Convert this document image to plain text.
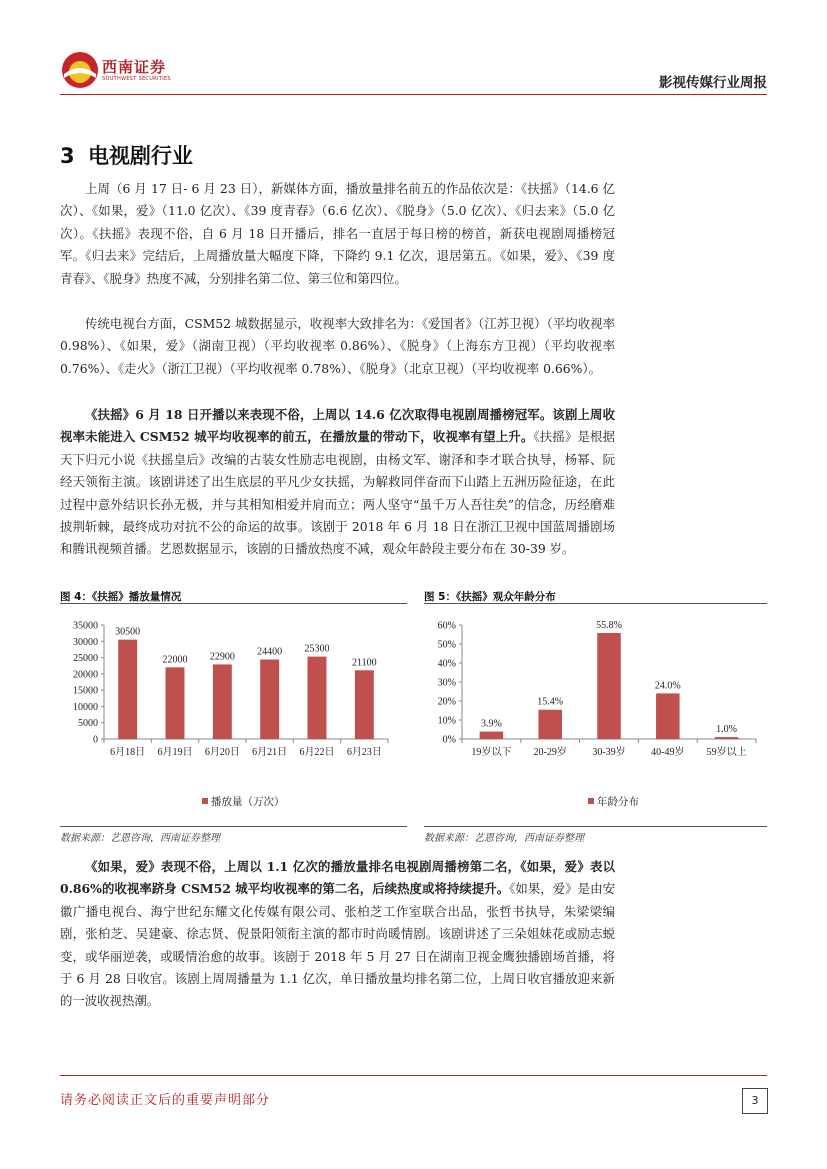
西南证券
SOUTHWEST SECURITIES	影视传媒行业周报
3 电视剧行业
上周（6 月 17 日- 6 月 23 日），新媒体方面，播放量排名前五的作品依次是：《扶摇》（14.6 亿次）、《如果，爱》（11.0 亿次）、《39 度青春》（6.6 亿次）、《脱身》（5.0 亿次）、《归去来》（5.0 亿次）。《扶摇》表现不俗，自 6 月 18 日开播后，排名一直居于每日榜的榜首，新获电视剧周播榜冠军。《归去来》完结后，上周播放量大幅度下降，下降约 9.1 亿次，退居第五。《如果，爱》、《39 度青春》、《脱身》热度不减，分别排名第二位、第三位和第四位。
传统电视台方面，CSM52 城数据显示，收视率大致排名为：《爱国者》（江苏卫视）（平均收视率 0.98%）、《如果，爱》（湖南卫视）（平均收视率 0.86%）、《脱身》（上海东方卫视）（平均收视率 0.76%）、《走火》（浙江卫视）（平均收视率 0.78%）、《脱身》（北京卫视）（平均收视率 0.66%）。
《扶摇》6 月 18 日开播以来表现不俗，上周以 14.6 亿次取得电视剧周播榜冠军。该剧上周收视率未能进入 CSM52 城平均收视率的前五，在播放量的带动下，收视率有望上升。《扶摇》是根据天下归元小说《扶摇皇后》改编的古装女性励志电视剧，由杨文军、谢泽和李才联合执导，杨幂、阮经天领衔主演。该剧讲述了出生底层的平凡少女扶摇，为解救同伴奋而下山踏上五洲历险征途，在此过程中意外结识长孙无极，并与其相知相爱并肩而立；两人坚守“虽千万人吾往矣”的信念，历经磨难披荆斩棘，最终成功对抗不公的命运的故事。该剧于 2018 年 6 月 18 日在浙江卫视中国蓝周播剧场和腾讯视频首播。艺恩数据显示，该剧的日播放热度不减，观众年龄段主要分布在 30-39 岁。
图 4：《扶摇》播放量情况	图 5：《扶摇》观众年龄分布
0
5000
10000
15000
20000
25000
30000
35000
30500
6月18日
22000
6月19日
22900
6月20日
24400
6月21日
25300
6月22日
21100
6月23日
播放量（万次）
0%
10%
20%
30%
40%
50%
60%
3.9%
19岁以下
15.4%
20-29岁
55.8%
30-39岁
24.0%
40-49岁
1.0%
59岁以上
年龄分布
数据来源：艺恩咨询，西南证券整理	数据来源：艺恩咨询，西南证券整理
《如果，爱》表现不俗，上周以 1.1 亿次的播放量排名电视剧周播榜第二名，《如果，爱》表以 0.86%的收视率跻身 CSM52 城平均收视率的第二名，后续热度或将持续提升。《如果，爱》是由安徽广播电视台、海宁世纪东耀文化传媒有限公司、张柏芝工作室联合出品，张哲书执导，朱梁梁编剧，张柏芝、吴建豪、徐志贤、倪景阳领衔主演的都市时尚暖情剧。该剧讲述了三朵姐妹花或励志蜕变，或华丽逆袭，或暖情治愈的故事。该剧于 2018 年 5 月 27 日在湖南卫视金鹰独播剧场首播，将于 6 月 28 日收官。该剧上周周播量为 1.1 亿次，单日播放量均排名第二位，上周日收官播放迎来新的一波收视热潮。
请务必阅读正文后的重要声明部分	3
